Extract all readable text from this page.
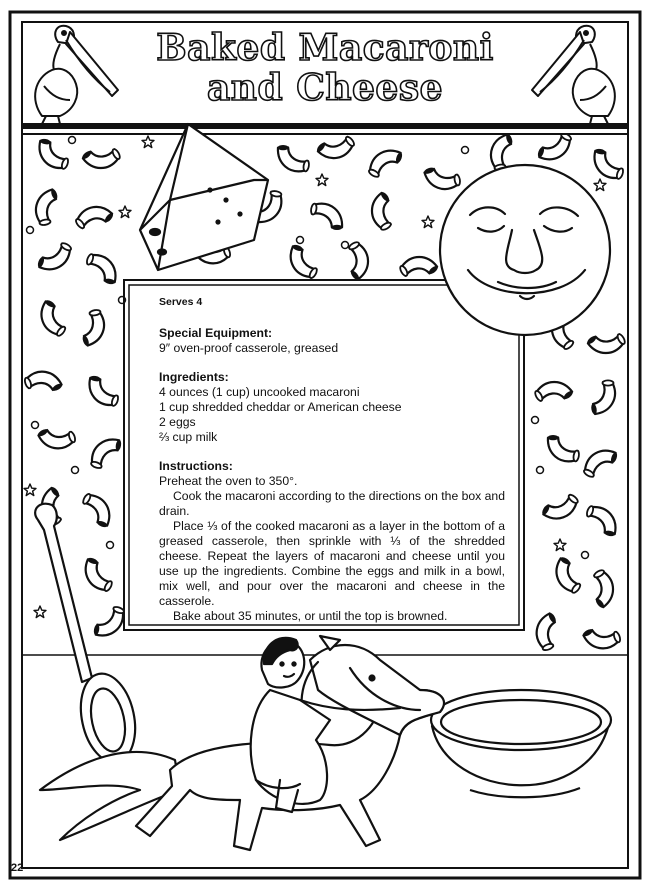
Baked Macaroni
and Cheese

Serves 4

Special Equipment:

9″ oven-proof casserole, greased

Ingredients:

4 ounces (1 cup) uncooked macaroni

1 cup shredded cheddar or American cheese

2 eggs

⅔ cup milk

Instructions:

Preheat the oven to 350°.

Cook the macaroni according to the directions on the box and drain.

Place ⅓ of the cooked macaroni as a layer in the bottom of a greased casserole, then sprinkle with ⅓ of the shredded cheese. Repeat the layers of macaroni and cheese until you use up the ingredients. Combine the eggs and milk in a bowl, mix well, and pour over the macaroni and cheese in the casserole.

Bake about 35 minutes, or until the top is browned.

22
